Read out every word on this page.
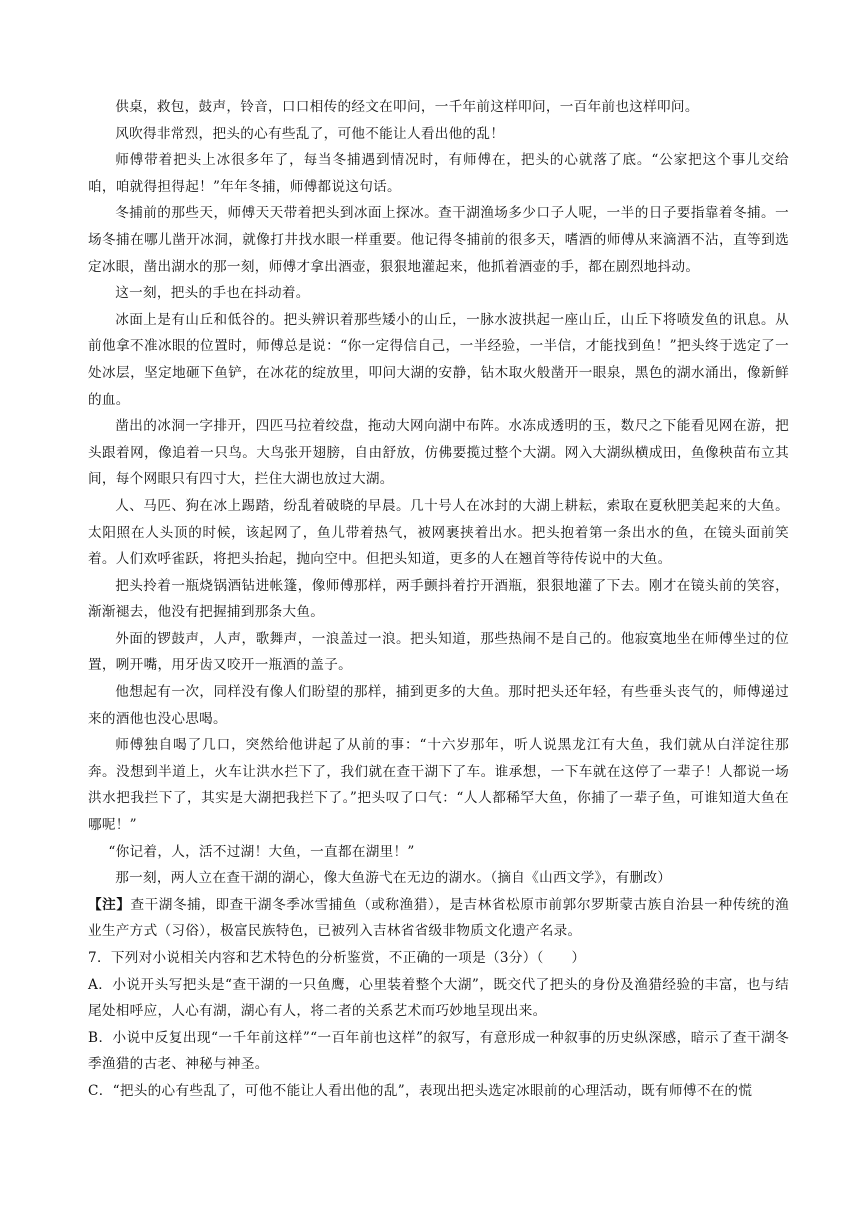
供桌，救包，鼓声，铃音，口口相传的经文在叩问，一千年前这样叩问，一百年前也这样叩问。

风吹得非常烈，把头的心有些乱了，可他不能让人看出他的乱！

师傅带着把头上冰很多年了，每当冬捕遇到情况时，有师傅在，把头的心就落了底。“公家把这个事儿交给咱，咱就得担得起！”年年冬捕，师傅都说这句话。

冬捕前的那些天，师傅天天带着把头到冰面上探冰。查干湖渔场多少口子人呢，一半的日子要指靠着冬捕。一场冬捕在哪儿凿开冰洞，就像打井找水眼一样重要。他记得冬捕前的很多天，嗜酒的师傅从来滴酒不沾，直等到选定冰眼，凿出湖水的那一刻，师傅才拿出酒壶，狠狠地灌起来，他抓着酒壶的手，都在剧烈地抖动。

这一刻，把头的手也在抖动着。

冰面上是有山丘和低谷的。把头辨识着那些矮小的山丘，一脉水波拱起一座山丘，山丘下将喷发鱼的讯息。从前他拿不准冰眼的位置时，师傅总是说：“你一定得信自己，一半经验，一半信，才能找到鱼！”把头终于选定了一处冰层，坚定地砸下鱼铲，在冰花的绽放里，叩问大湖的安静，钻木取火般凿开一眼泉，黑色的湖水涌出，像新鲜的血。

凿出的冰洞一字排开，四匹马拉着绞盘，拖动大网向湖中布阵。水冻成透明的玉，数尺之下能看见网在游，把头跟着网，像追着一只鸟。大鸟张开翅膀，自由舒放，仿佛要揽过整个大湖。网入大湖纵横成田，鱼像秧苗布立其间，每个网眼只有四寸大，拦住大湖也放过大湖。

人、马匹、狗在冰上踢踏，纷乱着破晓的早晨。几十号人在冰封的大湖上耕耘，索取在夏秋肥美起来的大鱼。太阳照在人头顶的时候，该起网了，鱼儿带着热气，被网裹挟着出水。把头抱着第一条出水的鱼，在镜头面前笑着。人们欢呼雀跃，将把头抬起，抛向空中。但把头知道，更多的人在翘首等待传说中的大鱼。

把头拎着一瓶烧锅酒钻进帐篷，像师傅那样，两手颤抖着拧开酒瓶，狠狠地灌了下去。刚才在镜头前的笑容，渐渐褪去，他没有把握捕到那条大鱼。

外面的锣鼓声，人声，歌舞声，一浪盖过一浪。把头知道，那些热闹不是自己的。他寂寞地坐在师傅坐过的位置，咧开嘴，用牙齿又咬开一瓶酒的盖子。

他想起有一次，同样没有像人们盼望的那样，捕到更多的大鱼。那时把头还年轻，有些垂头丧气的，师傅递过来的酒他也没心思喝。

师傅独自喝了几口，突然给他讲起了从前的事：“十六岁那年，听人说黑龙江有大鱼，我们就从白洋淀往那奔。没想到半道上，火车让洪水拦下了，我们就在查干湖下了车。谁承想，一下车就在这停了一辈子！人都说一场洪水把我拦下了，其实是大湖把我拦下了。”把头叹了口气：“人人都稀罕大鱼，你捕了一辈子鱼，可谁知道大鱼在哪呢！”

“你记着，人，活不过湖！大鱼，一直都在湖里！”

那一刻，两人立在查干湖的湖心，像大鱼游弋在无边的湖水。（摘自《山西文学》，有删改）

【注】查干湖冬捕，即查干湖冬季冰雪捕鱼（或称渔猎），是吉林省松原市前郭尔罗斯蒙古族自治县一种传统的渔业生产方式（习俗），极富民族特色，已被列入吉林省省级非物质文化遗产名录。

7．下列对小说相关内容和艺术特色的分析鉴赏，不正确的一项是（3分）（　　）

A．小说开头写把头是“查干湖的一只鱼鹰，心里装着整个大湖”，既交代了把头的身份及渔猎经验的丰富，也与结尾处相呼应，人心有湖，湖心有人，将二者的关系艺术而巧妙地呈现出来。

B．小说中反复出现“一千年前这样”“一百年前也这样”的叙写，有意形成一种叙事的历史纵深感，暗示了查干湖冬季渔猎的古老、神秘与神圣。

C．“把头的心有些乱了，可他不能让人看出他的乱”，表现出把头选定冰眼前的心理活动，既有师傅不在的慌
